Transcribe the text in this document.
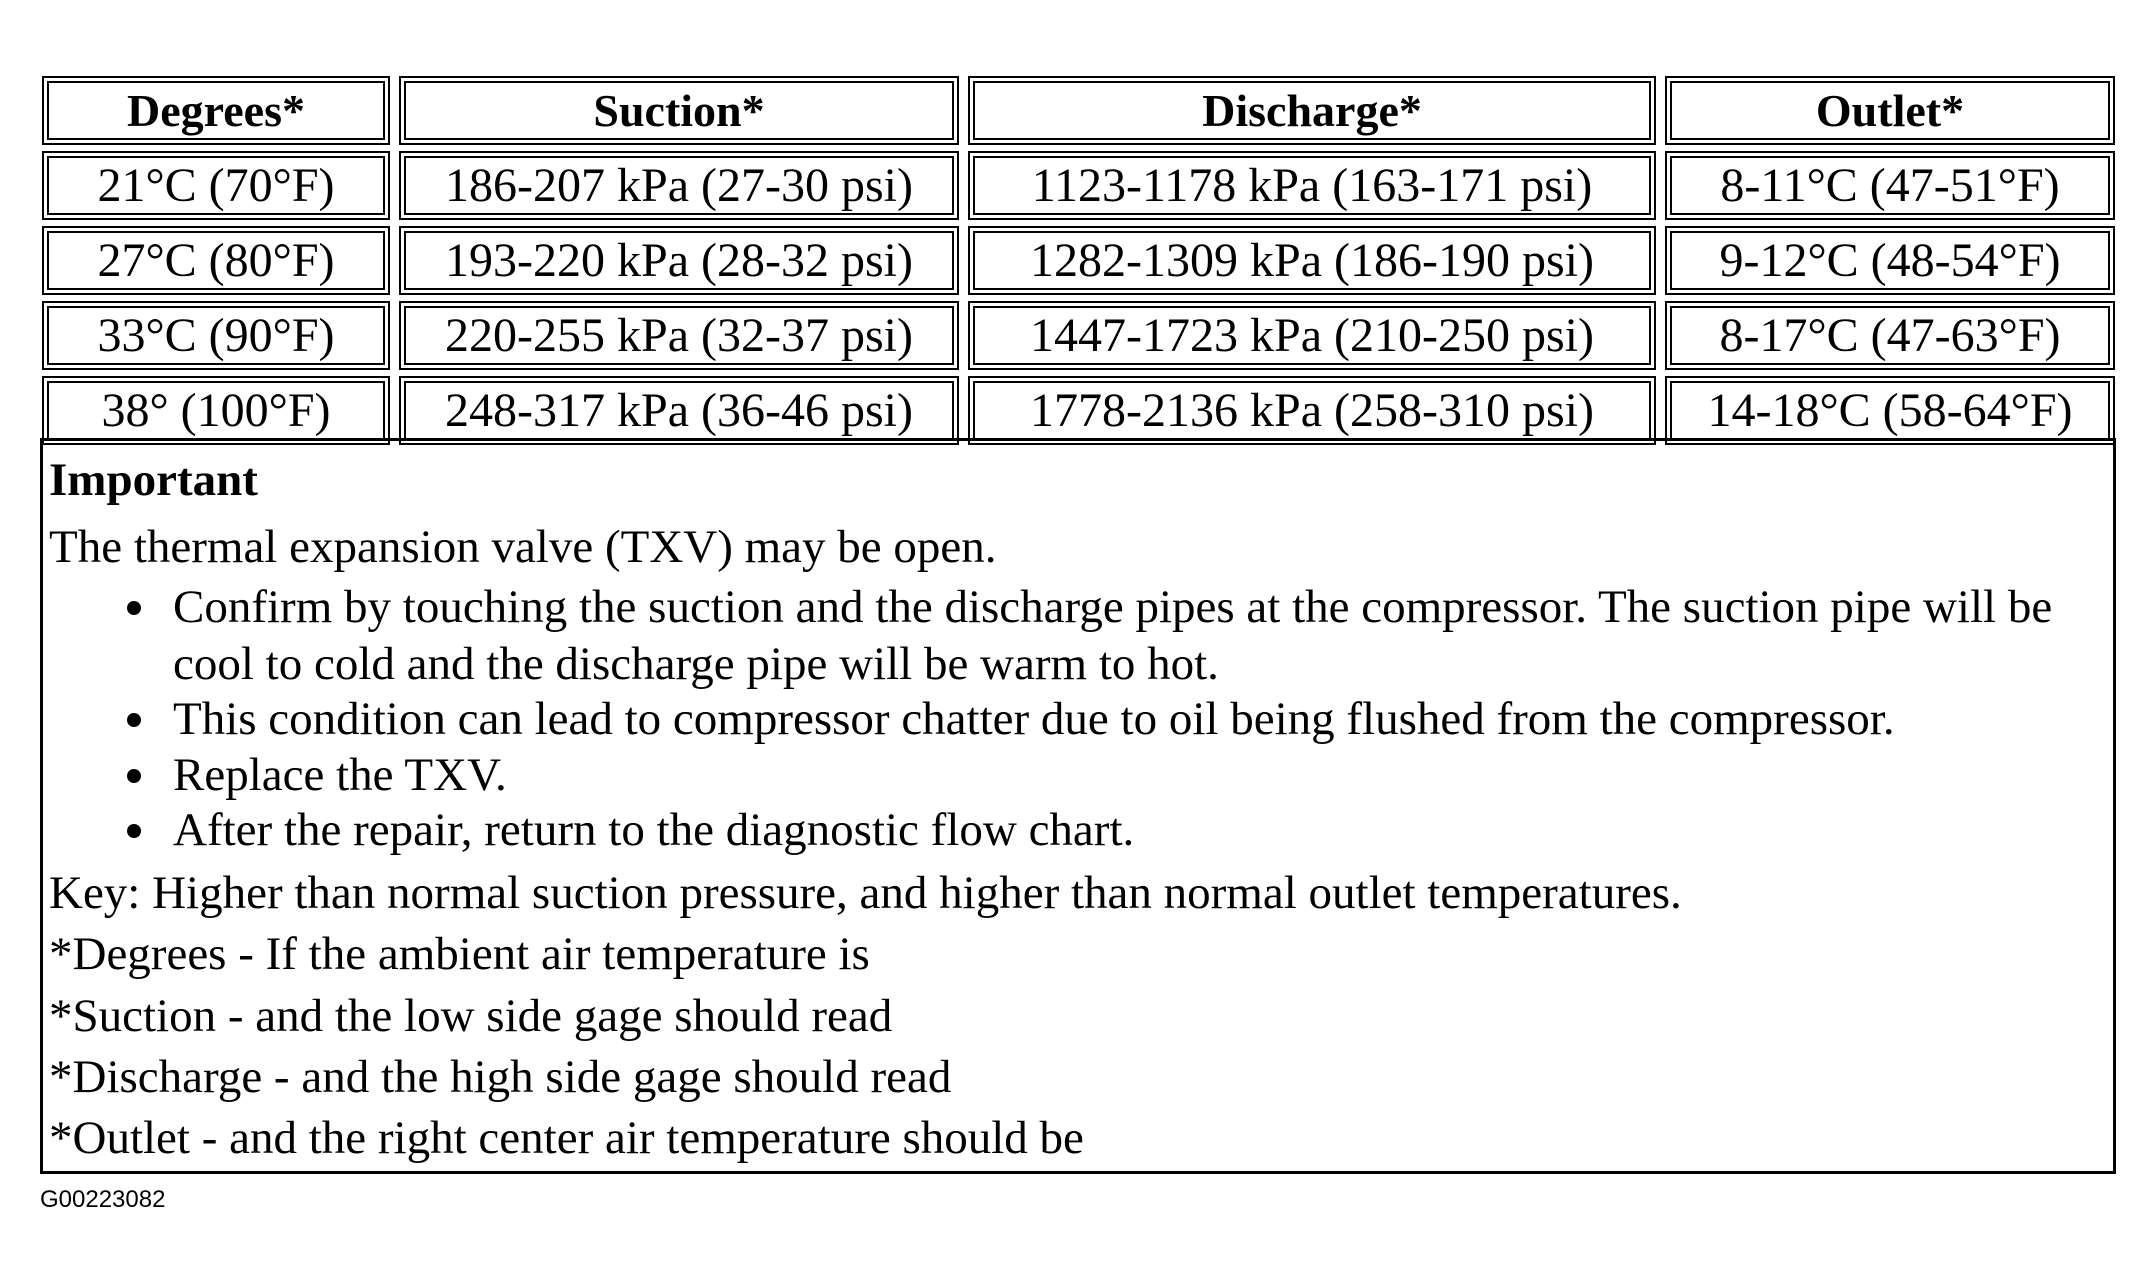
Degrees*	Suction*	Discharge*	Outlet*
21°C (70°F)	186-207 kPa (27-30 psi)	1123-1178 kPa (163-171 psi)	8-11°C (47-51°F)
27°C (80°F)	193-220 kPa (28-32 psi)	1282-1309 kPa (186-190 psi)	9-12°C (48-54°F)
33°C (90°F)	220-255 kPa (32-37 psi)	1447-1723 kPa (210-250 psi)	8-17°C (47-63°F)
38° (100°F)	248-317 kPa (36-46 psi)	1778-2136 kPa (258-310 psi)	14-18°C (58-64°F)

Important

The thermal expansion valve (TXV) may be open.

Confirm by touching the suction and the discharge pipes at the compressor. The suction pipe will be cool to cold and the discharge pipe will be warm to hot.
This condition can lead to compressor chatter due to oil being flushed from the compressor.
Replace the TXV.
After the repair, return to the diagnostic flow chart.

Key: Higher than normal suction pressure, and higher than normal outlet temperatures.

*Degrees - If the ambient air temperature is

*Suction - and the low side gage should read

*Discharge - and the high side gage should read

*Outlet - and the right center air temperature should be

G00223082
